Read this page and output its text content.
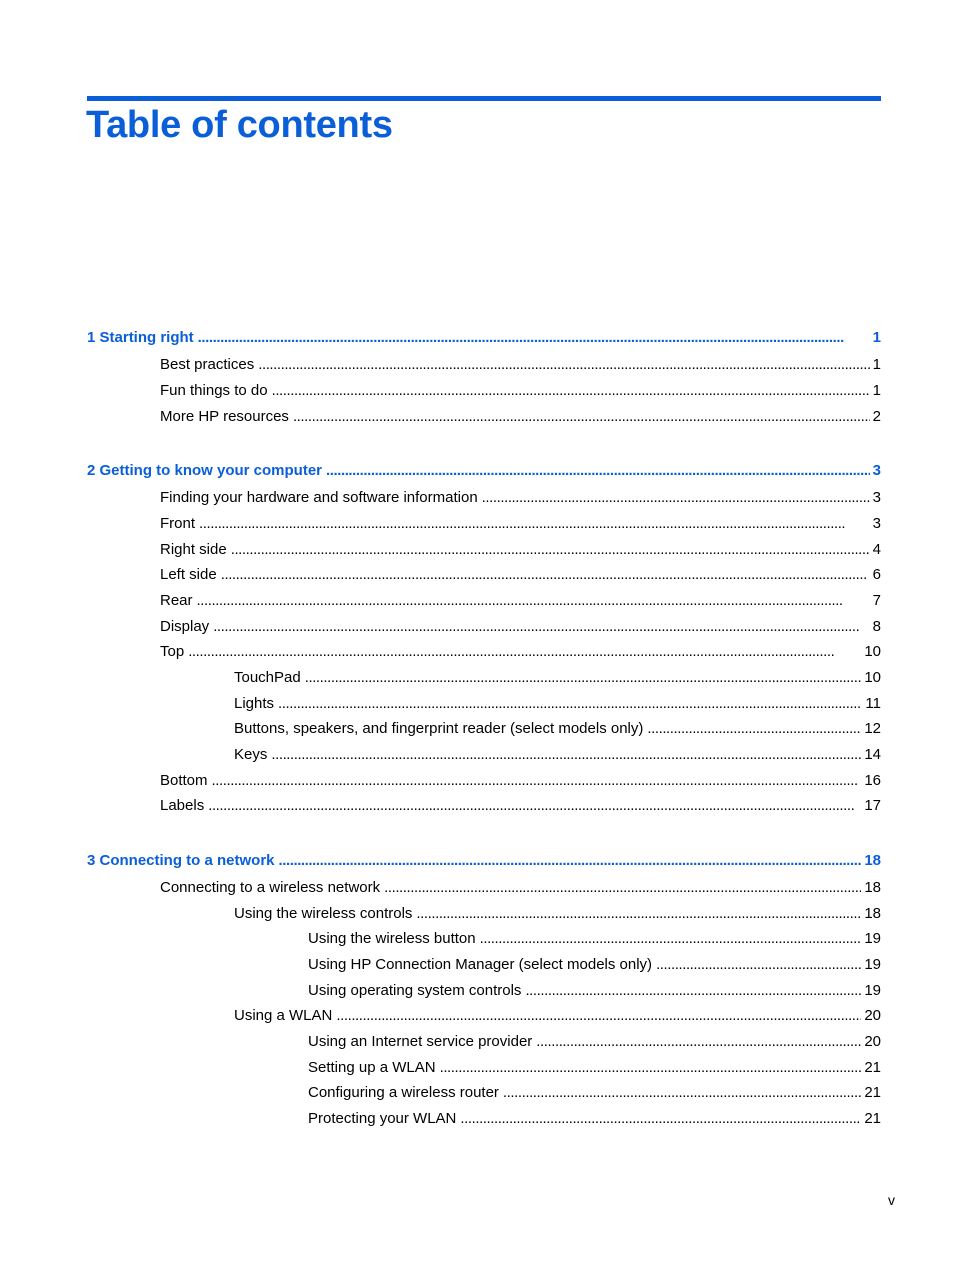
Table of contents
1 Starting right . . .	1
Best practices . . .	1
Fun things to do . . .	1
More HP resources . . .	2
2 Getting to know your computer . . .	3
Finding your hardware and software information . . .	3
Front . . .	3
Right side . . .	4
Left side . . .	6
Rear . . .	7
Display . . .	8
Top . . .	10
TouchPad . . .	10
Lights . . .	11
Buttons, speakers, and fingerprint reader (select models only) . . .	12
Keys . . .	14
Bottom . . .	16
Labels . . .	17
3 Connecting to a network . . .	18
Connecting to a wireless network . . .	18
Using the wireless controls . . .	18
Using the wireless button . . .	19
Using HP Connection Manager (select models only) . . .	19
Using operating system controls . . .	19
Using a WLAN . . .	20
Using an Internet service provider . . .	20
Setting up a WLAN . . .	21
Configuring a wireless router . . .	21
Protecting your WLAN . . .	21
v
